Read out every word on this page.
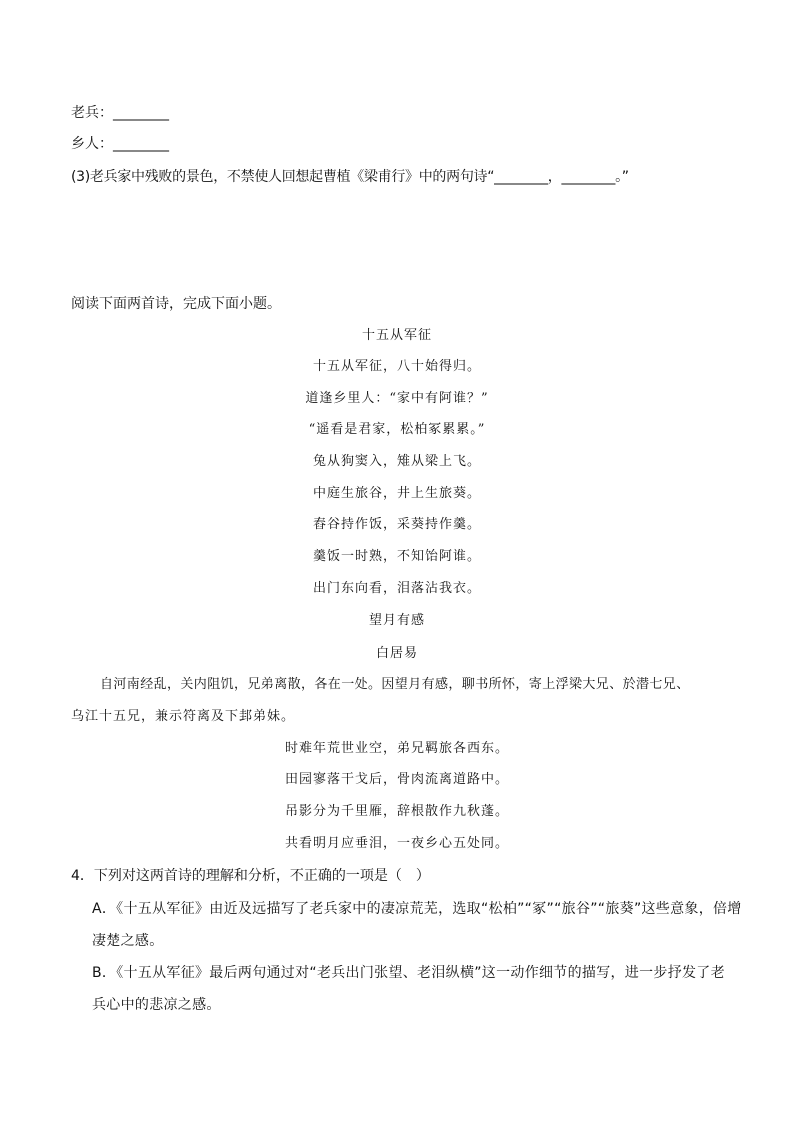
老兵：________
乡人：________
(3)老兵家中残败的景色，不禁使人回想起曹植《梁甫行》中的两句诗“________，________。”
阅读下面两首诗，完成下面小题。
十五从军征
十五从军征，八十始得归。
道逢乡里人：“家中有阿谁？”
“遥看是君家，松柏冢累累。”
兔从狗窦入，雉从梁上飞。
中庭生旅谷，井上生旅葵。
舂谷持作饭，采葵持作羹。
羹饭一时熟，不知饴阿谁。
出门东向看，泪落沾我衣。
望月有感
白居易
自河南经乱，关内阻饥，兄弟离散，各在一处。因望月有感，聊书所怀，寄上浮梁大兄、於潜七兄、
乌江十五兄，兼示符离及下邽弟妹。
时难年荒世业空，弟兄羁旅各西东。
田园寥落干戈后，骨肉流离道路中。
吊影分为千里雁，辞根散作九秋蓬。
共看明月应垂泪，一夜乡心五处同。
4．下列对这两首诗的理解和分析，不正确的一项是（　）
A．《十五从军征》由近及远描写了老兵家中的凄凉荒芜，选取“松柏”“冢”“旅谷”“旅葵”这些意象，倍增
凄楚之感。
B．《十五从军征》最后两句通过对“老兵出门张望、老泪纵横”这一动作细节的描写，进一步抒发了老
兵心中的悲凉之感。
